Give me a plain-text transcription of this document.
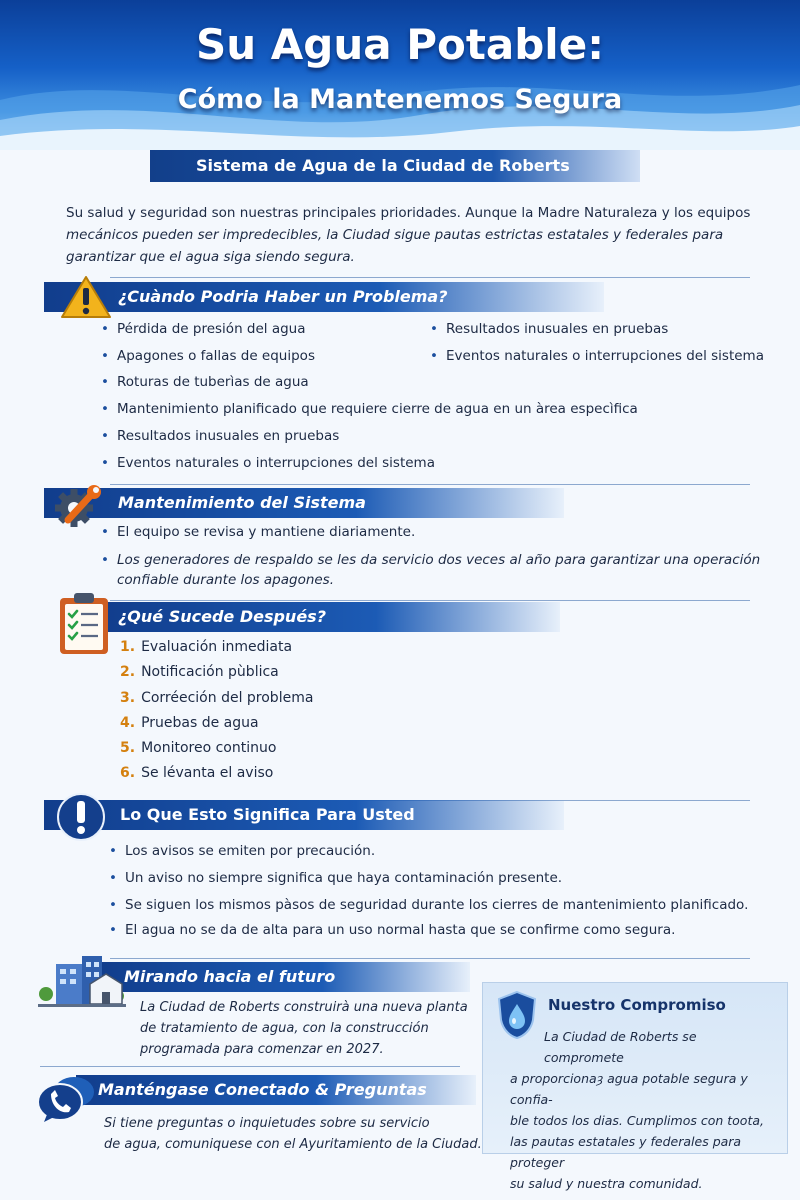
Su Agua Potable:
Cómo la Mantenemos Segura
Sistema de Agua de la Ciudad de Roberts
Su salud y seguridad son nuestras principales prioridades. Aunque la Madre Naturaleza y los equipos
mecánicos pueden ser impredecibles, la Ciudad sigue pautas estrictas estatales y federales para
garantizar que el agua siga siendo segura.
¿Cuàndo Podria Haber un Problema?
• Pérdida de presión del agua
• Apagones o fallas de equipos
• Roturas de tuberìas de agua
• Resultados inusuales en pruebas
• Eventos naturales o interrupciones del sistema
• Mantenimiento planificado que requiere cierre de agua en un àrea especìfica
• Resultados inusuales en pruebas
• Eventos naturales o interrupciones del sistema
Mantenimiento del Sistema
• El equipo se revisa y mantiene diariamente.
• Los generadores de respaldo se les da servicio dos veces al año para garantizar una operación
confiable durante los apagones.
¿Qué Sucede Después?
1. Evaluación inmediata
2. Notificación pùblica
3. Corréeción del problema
4. Pruebas de agua
5. Monitoreo continuo
6. Se lévanta el aviso
Lo Que Esto Significa Para Usted
• Los avisos se emiten por precaución.
• Un aviso no siempre significa que haya contaminación presente.
• Se siguen los mismos pàsos de seguridad durante los cierres de mantenimiento planificado.
• El agua no se da de alta para un uso normal hasta que se confirme como segura.
Mirando hacia el futuro
La Ciudad de Roberts construirà una nueva planta
de tratamiento de agua, con la construcción
programada para comenzar en 2027.
Manténgase Conectado & Preguntas
Si tiene preguntas o inquietudes sobre su servicio
de agua, comuniquese con el Ayuritamiento de la Ciudad.
Nuestro Compromiso
La Ciudad de Roberts se compromete
a proporcionaȝ agua potable segura y confia-
ble todos los dias. Cumplimos con toota,
las pautas estatales y federales para proteger
su salud y nuestra comunidad.
